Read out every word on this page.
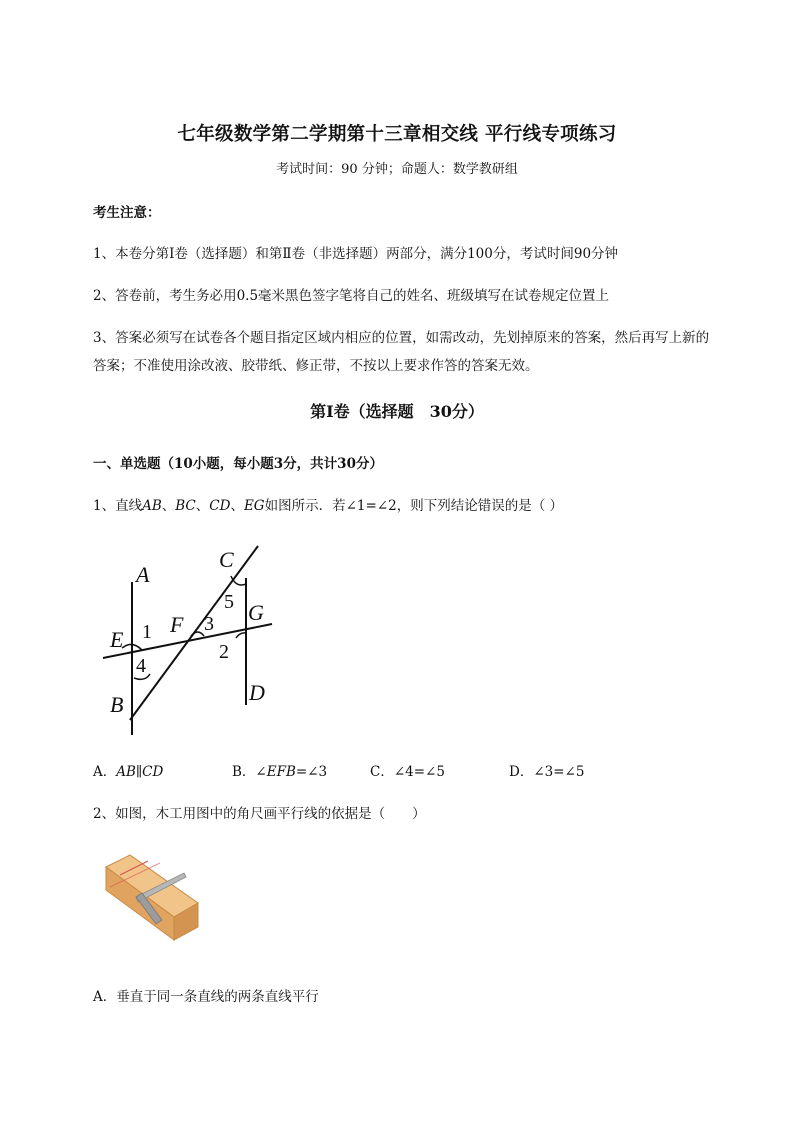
七年级数学第二学期第十三章相交线 平行线专项练习
考试时间：90 分钟；命题人：数学教研组
考生注意：
1、本卷分第Ⅰ卷（选择题）和第Ⅱ卷（非选择题）两部分，满分100分，考试时间90分钟
2、答卷前，考生务必用0.5毫米黑色签字笔将自己的姓名、班级填写在试卷规定位置上
3、答案必须写在试卷各个题目指定区域内相应的位置，如需改动，先划掉原来的答案，然后再写上新的答案；不准使用涂改液、胶带纸、修正带，不按以上要求作答的答案无效。
第Ⅰ卷（选择题　30分）
一、单选题（10小题，每小题3分，共计30分）
1、直线AB、BC、CD、EG如图所示．若∠1=∠2，则下列结论错误的是（ ）
A
B
C
D
E
F	G
1
2
3
4
5
A．AB∥CD	B．∠EFB=∠3	C．∠4=∠5	D．∠3=∠5
2、如图，木工用图中的角尺画平行线的依据是（　　）
A．垂直于同一条直线的两条直线平行
